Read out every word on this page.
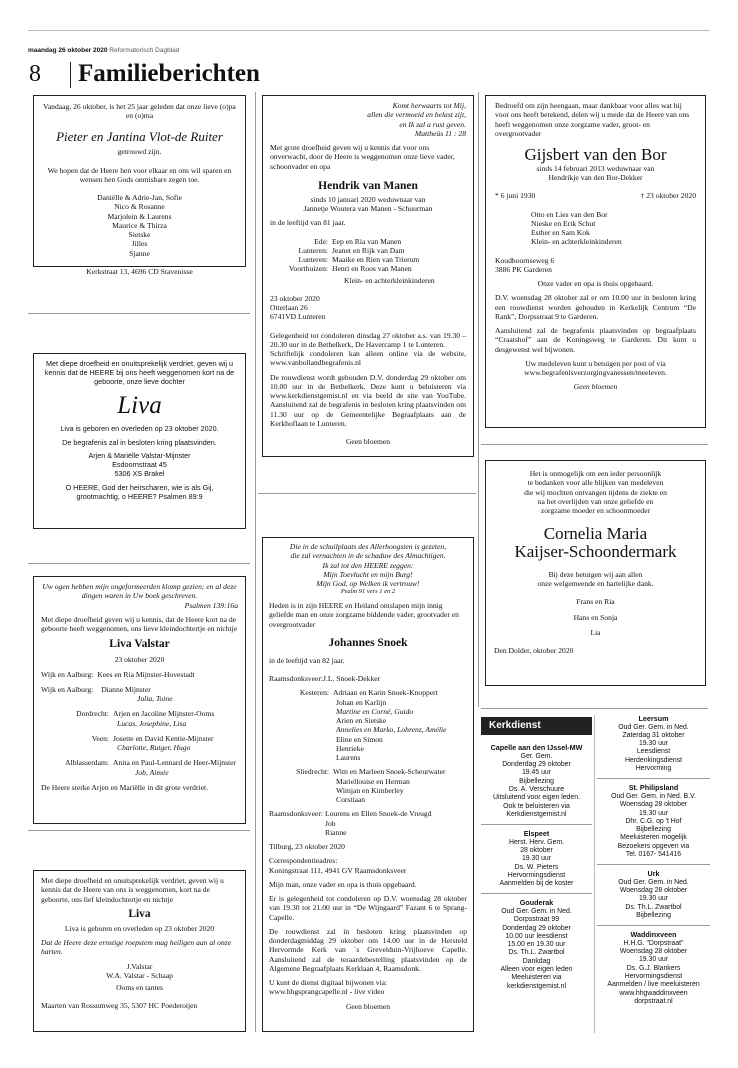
maandag 26 oktober 2020 Reformatorisch Dagblad
8 Familieberichten
Vandaag, 26 oktober, is het 25 jaar geleden dat onze lieve (o)pa en (o)ma
Pieter en Jantina Vlot-de Ruiter
getrouwd zijn.
We hopen dat de Heere hen voor elkaar en ons wil sparen en wensen hen Gods onmisbare zegen toe.
Daniëlle & Adrie-Jan, Sofie
Nico & Rosanne
Marjolein & Laurens
Maurice & Thirza
Sietske
Jilles
Sjanne
Kerkstraat 13, 4696 CD Stavenisse
Met diepe droefheid en onuitsprekelijk verdriet, geven wij u kennis dat de HEERE bij ons heeft weggenomen kort na de geboorte, onze lieve dochter
Liva
Liva is geboren en overleden op 23 oktober 2020.
De begrafenis zal in besloten kring plaatsvinden.
Arjen & Mariëlle Valstar-Mijnster
Esdoornstraat 45
5306 XS Brakel
O HEERE, God der heirscharen, wie is als Gij, grootmachtig, o HEERE? Psalmen 89:9
Uw ogen hebben mijn ongeformeerden klomp gezien; en al deze dingen waren in Uw boek geschreven.
Psalmen 139:16a
Met diepe droefheid geven wij u kennis, dat de Heere kort na de geboorte heeft weggenomen, ons lieve kleindochtertje en nichtje
Liva Valstar
23 oktober 2020
Wijk en Aalburg: Kees en Ria Mijnster-Hovestadt
Wijk en Aalburg: Dianne Mijnster
Julia, Toine
Dordrecht: Arjen en Jacoline Mijnster-Ooms
Lucas, Josephine, Lisa
Veen: Josette en David Kentie-Mijnster
Charlotte, Rutger, Hugo
Alblasserdam: Anita en Paul-Lennard de Heer-Mijnster
Job, Aimée
De Heere sterke Arjen en Mariëlle in dit grote verdriet.
Met diepe droefheid en onuitsprekelijk verdriet, geven wij u kennis dat de Heere van ons is weggenomen, kort na de geboorte, ons lief kleindochtertje en nichtje
Liva
Liva is geboren en overleden op 23 oktober 2020
Dat de Heere deze ernstige roepstem mag heiligen aan al onze harten.
J.Valstar
W.A. Valstar - Schaap
Ooms en tantes
Maarten van Rossumweg 35, 5307 HC Poederoijen
Komt herwaarts tot Mij,
allen die vermoeid en belast zijt,
en Ik zal u rust geven.
Mattheüs 11 : 28
Met grote droefheid geven wij u kennis dat voor ons onverwacht, door de Heere is weggenomen onze lieve vader, schoonvader en opa
Hendrik van Manen
sinds 10 januari 2020 weduwnaar van
Jannetje Woutera van Manen - Schuurman
in de leeftijd van 81 jaar.
Ede: Eep en Ria van Manen
Lunteren: Jeanet en Rijk van Dam
Lunteren: Maaike en Rien van Trierum
Voorthuizen: Henri en Roos van Manen
Klein- en achterkleinkinderen
23 oktober 2020
Otterlaan 26
6741VD Lunteren
Gelegenheid tot condoleren dinsdag 27 oktober a.s. van 19.30 – 20.30 uur in de Bethelkerk, De Havercamp 1 te Lunteren.
Schriftelijk condoleren kan alleen online via de website, www.vanbollandbegrafenis.nl
De rouwdienst wordt gehouden D.V. donderdag 29 oktober om 10.00 uur in de Bethelkerk. Deze kunt u beluisteren via www.kerkdienstgemist.nl en via beeld de site van YouTube. Aansluitend zal de begrafenis in besloten kring plaatsvinden om 11.30 uur op de Gemeentelijke Begraafplaats aan de Kerkhoflaan te Lunteren.
Geen bloemen
Die in de schuilplaats des Allerhoogsten is gezeten,
die zal vernachten in de schaduw des Almachtigen.
Ik zal tot den HEERE zeggen:
Mijn Toevlucht en mijn Burg!
Mijn God, op Welken ik vertrouw!
Psalm 91 vers 1 en 2
Heden is in zijn HEERE en Heiland ontslapen mijn innig geliefde man en onze zorgzame biddende vader, grootvader en overgrootvader
Johannes Snoek
in de leeftijd van 82 jaar.
Raamsdonksveer:J.L. Snoek-Dekker
Kesteren: Adriaan en Karin Snoek-Knoppert
Johan en Karlijn
Martine en Corné, Guido
Arien en Sietske
Annelies en Marko, Lohrenz, Amélie
Eline en Simon
Henrieke
Laurens
Sliedrecht: Wim en Marleen Snoek-Scheurwater
Mariellouise en Herman
Wimjan en Kimberley
Corstiaan
Raamsdonksveer: Lourens en Ellen Snoek-de Vreugd
Job
Rianne
Tilburg, 23 oktober 2020
Correspondentieadres:
Koningstraat 111, 4941 GV Raamsdonksveer
Mijn man, onze vader en opa is thuis opgebaard.
Er is gelegenheid tot condoleren op D.V. woensdag 28 oktober van 19.30 tot 21.00 uur in “De Wijngaard” Fazant 6 te Sprang-Capelle.
De rouwdienst zal in besloten kring plaatsvinden op donderdagmiddag 29 oktober om 14.00 uur in de Hersteld Hervormde Kerk van `s Grevelduin-Vrijhoeve Capelle. Aansluitend zal de teraardebestelling plaatsvinden op de Algemene Begraafplaats Kerklaan 4, Raamsdonk.
U kunt de dienst digitaal bijwonen via: www.hhgsprangcapelle.nl - live video
Geen bloemen
Bedroefd om zijn heengaan, maar dankbaar voor alles wat hij voor ons heeft betekend, delen wij u mede dat de Heere van ons heeft weggenomen onze zorgzame vader, groot- en overgrootvader
Gijsbert van den Bor
sinds 14 februari 2013 weduwnaar van
Hendrikje van den Bor-Dekker
* 6 juni 1930	† 23 oktober 2020
Otto en Lies van den Bor
Nieske en Erik Schut
Esther en Sam Kok
Klein- en achterkleinkinderen
Koudhoornseweg 6
3886 PK Garderen
Onze vader en opa is thuis opgebaard.
D.V. woensdag 28 oktober zal er om 10.00 uur in besloten kring een rouwdienst worden gehouden in Kerkelijk Centrum “De Rank”, Dorpsstraat 9 te Garderen.
Aansluitend zal de begrafenis plaatsvinden op begraafplaats “Craatshof” aan de Koningsweg te Garderen. Dit kunt u desgewenst wel bijwonen.
Uw medeleven kunt u betuigen per post of via www.begrafenisverzorgingvanessen/meeleven.
Geen bloemen
Het is onmogelijk om een ieder persoonlijk
te bedanken voor alle blijken van medeleven
die wij mochten ontvangen tijdens de ziekte en
na het overlijden van onze geliefde en
zorgzame moeder en schoonmoeder
Cornelia Maria
Kaijser-Schoondermark
Bij deze betuigen wij aan allen
onze welgemeende en hartelijke dank.
Frans en Ria
Hans en Sonja
Lia
Den Dolder, oktober 2020
Kerkdienst
Capelle aan den IJssel-MW
Ger. Gem.
Donderdag 29 oktober
19.45 uur
Bijbellezing
Ds. A. Verschuure
Uitsluitend voor eigen leden.
Ook te beluisteren via
Kerkdienstgemist.nl
Elspeet
Herst. Herv. Gem.
28 oktober
19.30 uur
Ds. W. Pieters
Hervormingsdienst
Aanmelden bij de koster
Gouderak
Oud Ger. Gem. in Ned.
Dorpsstraat 99
Donderdag 29 oktober
10.00 uur leesdienst
15.00 en 19.30 uur
Ds. Th.L. Zwartbol
Dankdag
Alleen voor eigen leden
Meeluisteren via
kerkdienstgemist.nl
Leersum
Oud Ger. Gem. in Ned.
Zaterdag 31 oktober
19.30 uur
Leesdienst
Herdenkingsdienst
Hervorming
St. Philipsland
Oud Ger. Gem. in Ned. B.V.
Woensdag 28 oktober
19.30 uur
Dhr. C.G. op 't Hof
Bijbellezing
Meeluisteren mogelijk
Bezoekers opgeven via
Tel. 0167- 541416
Urk
Oud Ger. Gem. in Ned.
Woensdag 28 oktober
19.30 uur
Ds. Th.L. Zwartbol
Bijbellezing
Waddinxveen
H.H.G. "Dorpstraat"
Woensdag 28 oktober
19.30 uur
Ds. G.J. Blankers
Hervormingsdienst
Aanmelden / live meeluisteren
www.hhgwaddinxveen
dorpstraat.nl
